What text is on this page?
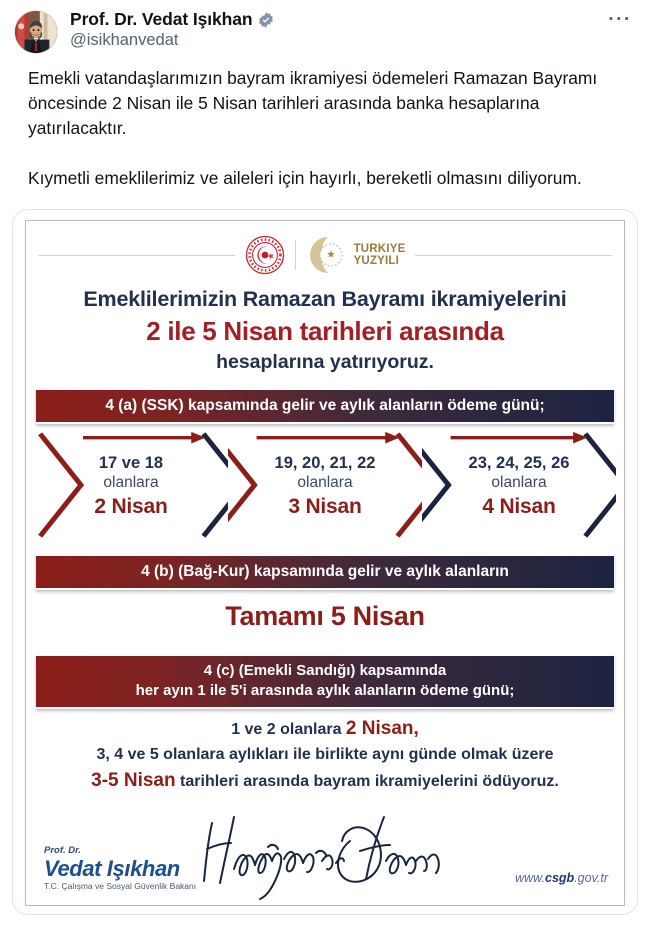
Prof. Dr. Vedat Işıkhan
@isikhanvedat
···

Emekli vatandaşlarımızın bayram ikramiyesi ödemeleri Ramazan Bayramı öncesinde 2 Nisan ile 5 Nisan tarihleri arasında banka hesaplarına yatırılacaktır.

Kıymetli emeklilerimiz ve aileleri için hayırlı, bereketli olmasını diliyorum.

TURKIYE
YUZYILI
Emeklilerimizin Ramazan Bayramı ikramiyelerini
2 ile 5 Nisan tarihleri arasında
hesaplarına yatırıyoruz.
4 (a) (SSK) kapsamında gelir ve aylık alanların ödeme günü;
17 ve 18
olanlara
2 Nisan
19, 20, 21, 22
olanlara
3 Nisan
23, 24, 25, 26
olanlara
4 Nisan
4 (b) (Bağ-Kur) kapsamında gelir ve aylık alanların
Tamamı 5 Nisan
4 (c) (Emekli Sandığı) kapsamında
her ayın 1 ile 5'i arasında aylık alanların ödeme günü;
1 ve 2 olanlara 2 Nisan,
3, 4 ve 5 olanlara aylıkları ile birlikte aynı günde olmak üzere
3-5 Nisan tarihleri arasında bayram ikramiyelerini ödüyoruz.
Prof. Dr.
Vedat Işıkhan
T.C. Çalışma ve Sosyal Güvenlik Bakanı
www.csgb.gov.tr
